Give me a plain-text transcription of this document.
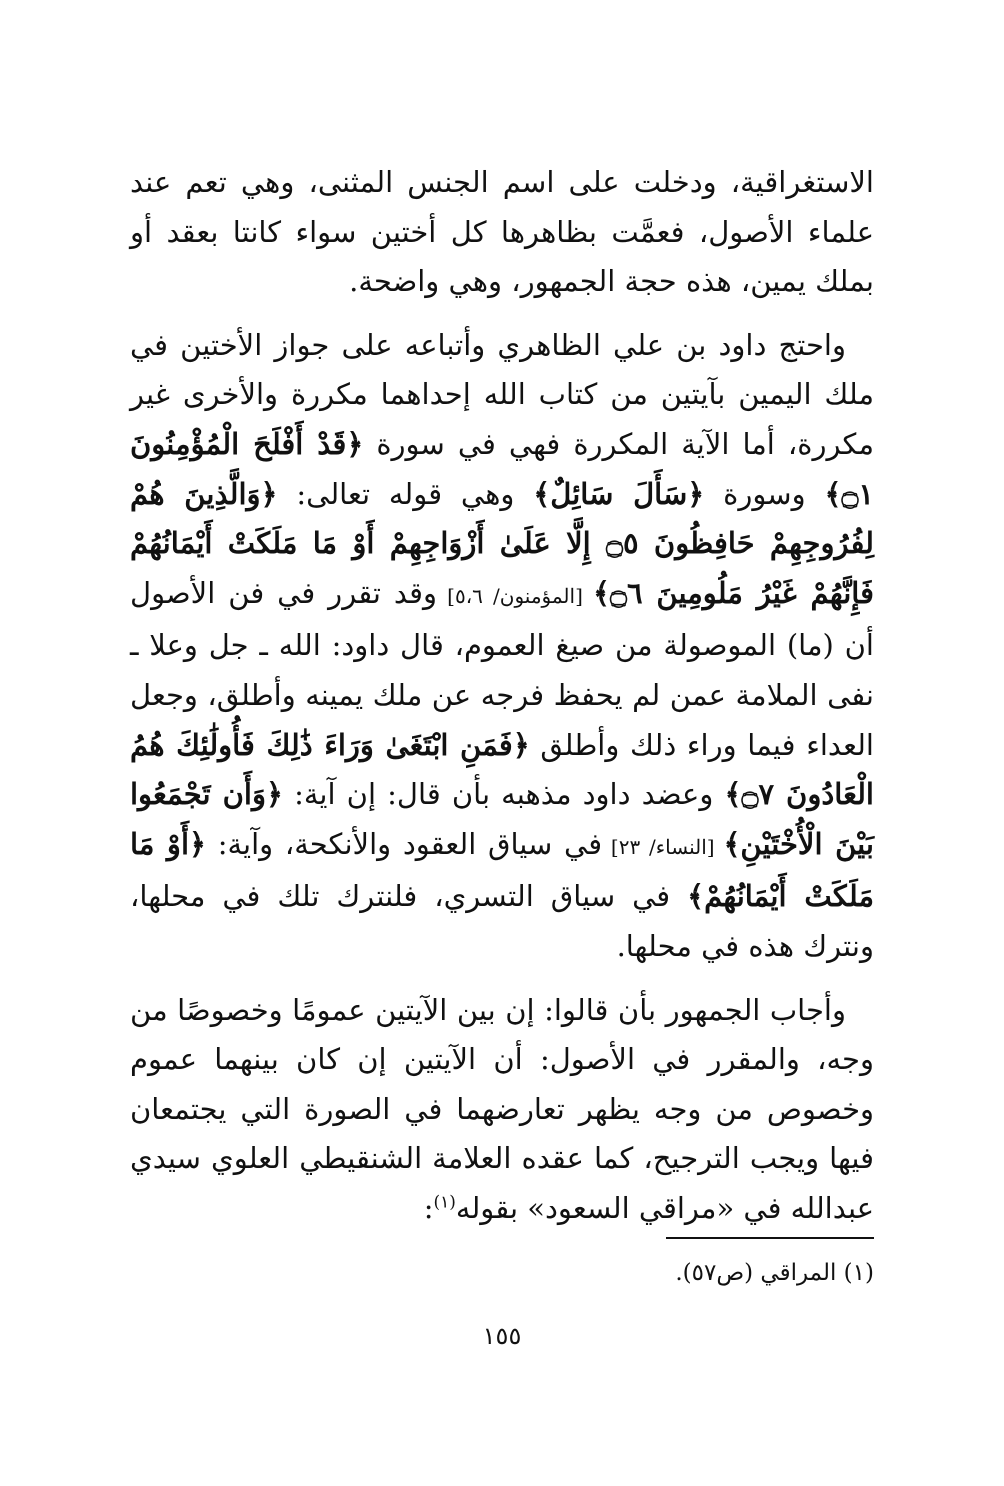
الاستغراقية، ودخلت على اسم الجنس المثنى، وهي تعم عند علماء الأصول، فعمَّت بظاهرها كل أختين سواء كانتا بعقد أو بملك يمين، هذه حجة الجمهور، وهي واضحة.

واحتج داود بن علي الظاهري وأتباعه على جواز الأختين في ملك اليمين بآيتين من كتاب الله إحداهما مكررة والأخرى غير مكررة، أما الآية المكررة فهي في سورة ﴿قَدْ أَفْلَحَ الْمُؤْمِنُونَ ۝١﴾ وسورة ﴿سَأَلَ سَائِلٌ﴾ وهي قوله تعالى: ﴿وَالَّذِينَ هُمْ لِفُرُوجِهِمْ حَافِظُونَ ۝٥ إِلَّا عَلَىٰ أَزْوَاجِهِمْ أَوْ مَا مَلَكَتْ أَيْمَانُهُمْ فَإِنَّهُمْ غَيْرُ مَلُومِينَ ۝٦﴾ [المؤمنون/ ٥،٦] وقد تقرر في فن الأصول أن (ما) الموصولة من صيغ العموم، قال داود: الله ـ جل وعلا ـ نفى الملامة عمن لم يحفظ فرجه عن ملك يمينه وأطلق، وجعل العداء فيما وراء ذلك وأطلق ﴿فَمَنِ ابْتَغَىٰ وَرَاءَ ذَٰلِكَ فَأُولَٰئِكَ هُمُ الْعَادُونَ ۝٧﴾ وعضد داود مذهبه بأن قال: إن آية: ﴿وَأَن تَجْمَعُوا بَيْنَ الْأُخْتَيْنِ﴾ [النساء/ ٢٣] في سياق العقود والأنكحة، وآية: ﴿أَوْ مَا مَلَكَتْ أَيْمَانُهُمْ﴾ في سياق التسري، فلنترك تلك في محلها، ونترك هذه في محلها.

وأجاب الجمهور بأن قالوا: إن بين الآيتين عمومًا وخصوصًا من وجه، والمقرر في الأصول: أن الآيتين إن كان بينهما عموم وخصوص من وجه يظهر تعارضهما في الصورة التي يجتمعان فيها ويجب الترجيح، كما عقده العلامة الشنقيطي العلوي سيدي عبدالله في «مراقي السعود» بقوله$^{(١)}$:

(١) المراقي (ص٥٧).
١٥٥
